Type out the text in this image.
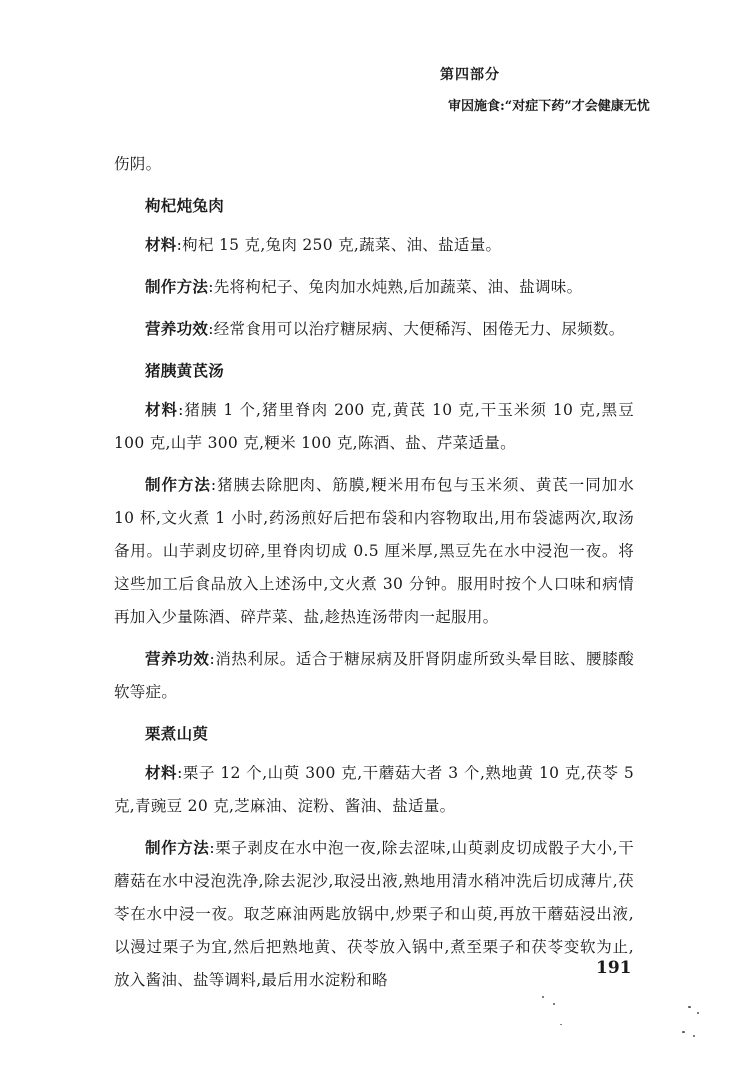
第四部分
审因施食:“对症下药”才会健康无忧

伤阴。

枸杞炖兔肉

材料:枸杞 15 克,兔肉 250 克,蔬菜、油、盐适量。

制作方法:先将枸杞子、兔肉加水炖熟,后加蔬菜、油、盐调味。

营养功效:经常食用可以治疗糖尿病、大便稀泻、困倦无力、尿频数。

猪胰黄芪汤

材料:猪胰 1 个,猪里脊肉 200 克,黄芪 10 克,干玉米须 10 克,黑豆 100 克,山芋 300 克,粳米 100 克,陈酒、盐、芹菜适量。

制作方法:猪胰去除肥肉、筋膜,粳米用布包与玉米须、黄芪一同加水 10 杯,文火煮 1 小时,药汤煎好后把布袋和内容物取出,用布袋滤两次,取汤备用。山芋剥皮切碎,里脊肉切成 0.5 厘米厚,黑豆先在水中浸泡一夜。将这些加工后食品放入上述汤中,文火煮 30 分钟。服用时按个人口味和病情再加入少量陈酒、碎芹菜、盐,趁热连汤带肉一起服用。

营养功效:消热利尿。适合于糖尿病及肝肾阴虚所致头晕目眩、腰膝酸软等症。

栗煮山萸

材料:栗子 12 个,山萸 300 克,干蘑菇大者 3 个,熟地黄 10 克,茯苓 5 克,青豌豆 20 克,芝麻油、淀粉、酱油、盐适量。

制作方法:栗子剥皮在水中泡一夜,除去涩味,山萸剥皮切成骰子大小,干蘑菇在水中浸泡洗净,除去泥沙,取浸出液,熟地用清水稍冲洗后切成薄片,茯苓在水中浸一夜。取芝麻油两匙放锅中,炒栗子和山萸,再放干蘑菇浸出液,以漫过栗子为宜,然后把熟地黄、茯苓放入锅中,煮至栗子和茯苓变软为止,放入酱油、盐等调料,最后用水淀粉和略

191
